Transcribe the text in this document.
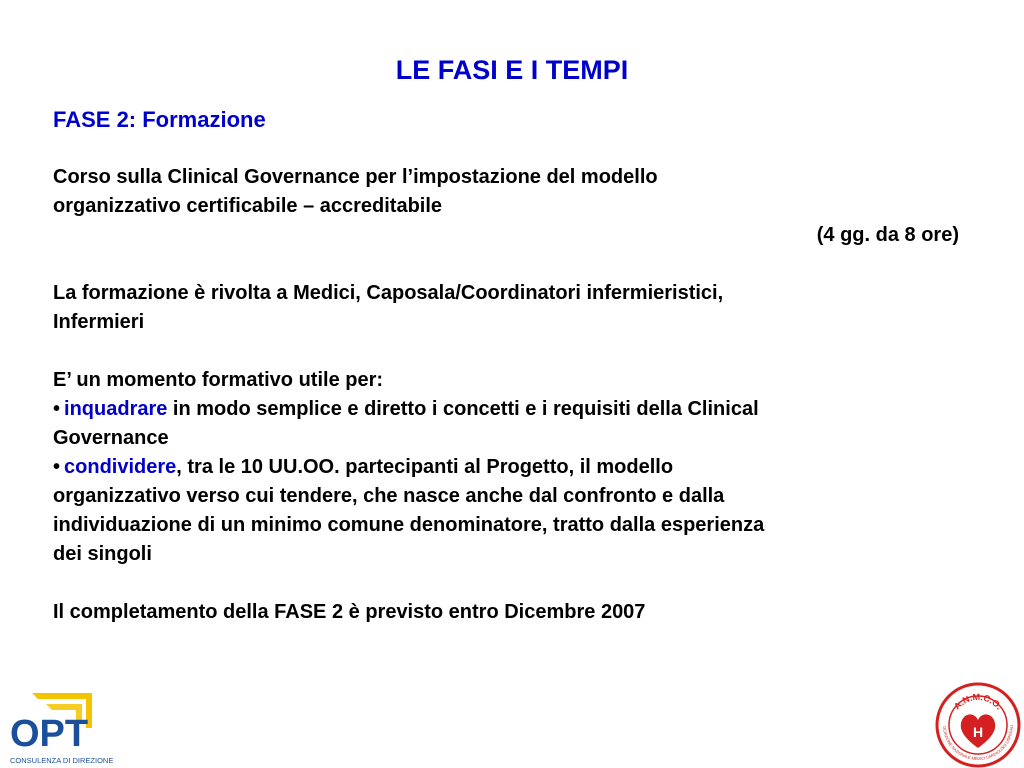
LE FASI E I TEMPI

FASE 2: Formazione

Corso sulla Clinical Governance per l’impostazione del modello

organizzativo certificabile – accreditabile

(4 gg. da 8 ore)

La formazione è rivolta a Medici, Caposala/Coordinatori infermieristici,

Infermieri

E’ un momento formativo utile per:

• inquadrare in modo semplice e diretto i concetti e i requisiti della Clinical

Governance

• condividere, tra le 10 UU.OO. partecipanti al Progetto, il modello

organizzativo verso cui tendere, che nasce anche dal confronto e dalla

individuazione di un minimo comune denominatore, tratto dalla esperienza

dei singoli

Il completamento della FASE 2 è previsto entro Dicembre 2007

OPT
CONSULENZA DI DIREZIONE
A.N.M.C.O.
OCIAZIONE NAZIONALE MEDICI CARDIOLOGI OSPEDALI
H
